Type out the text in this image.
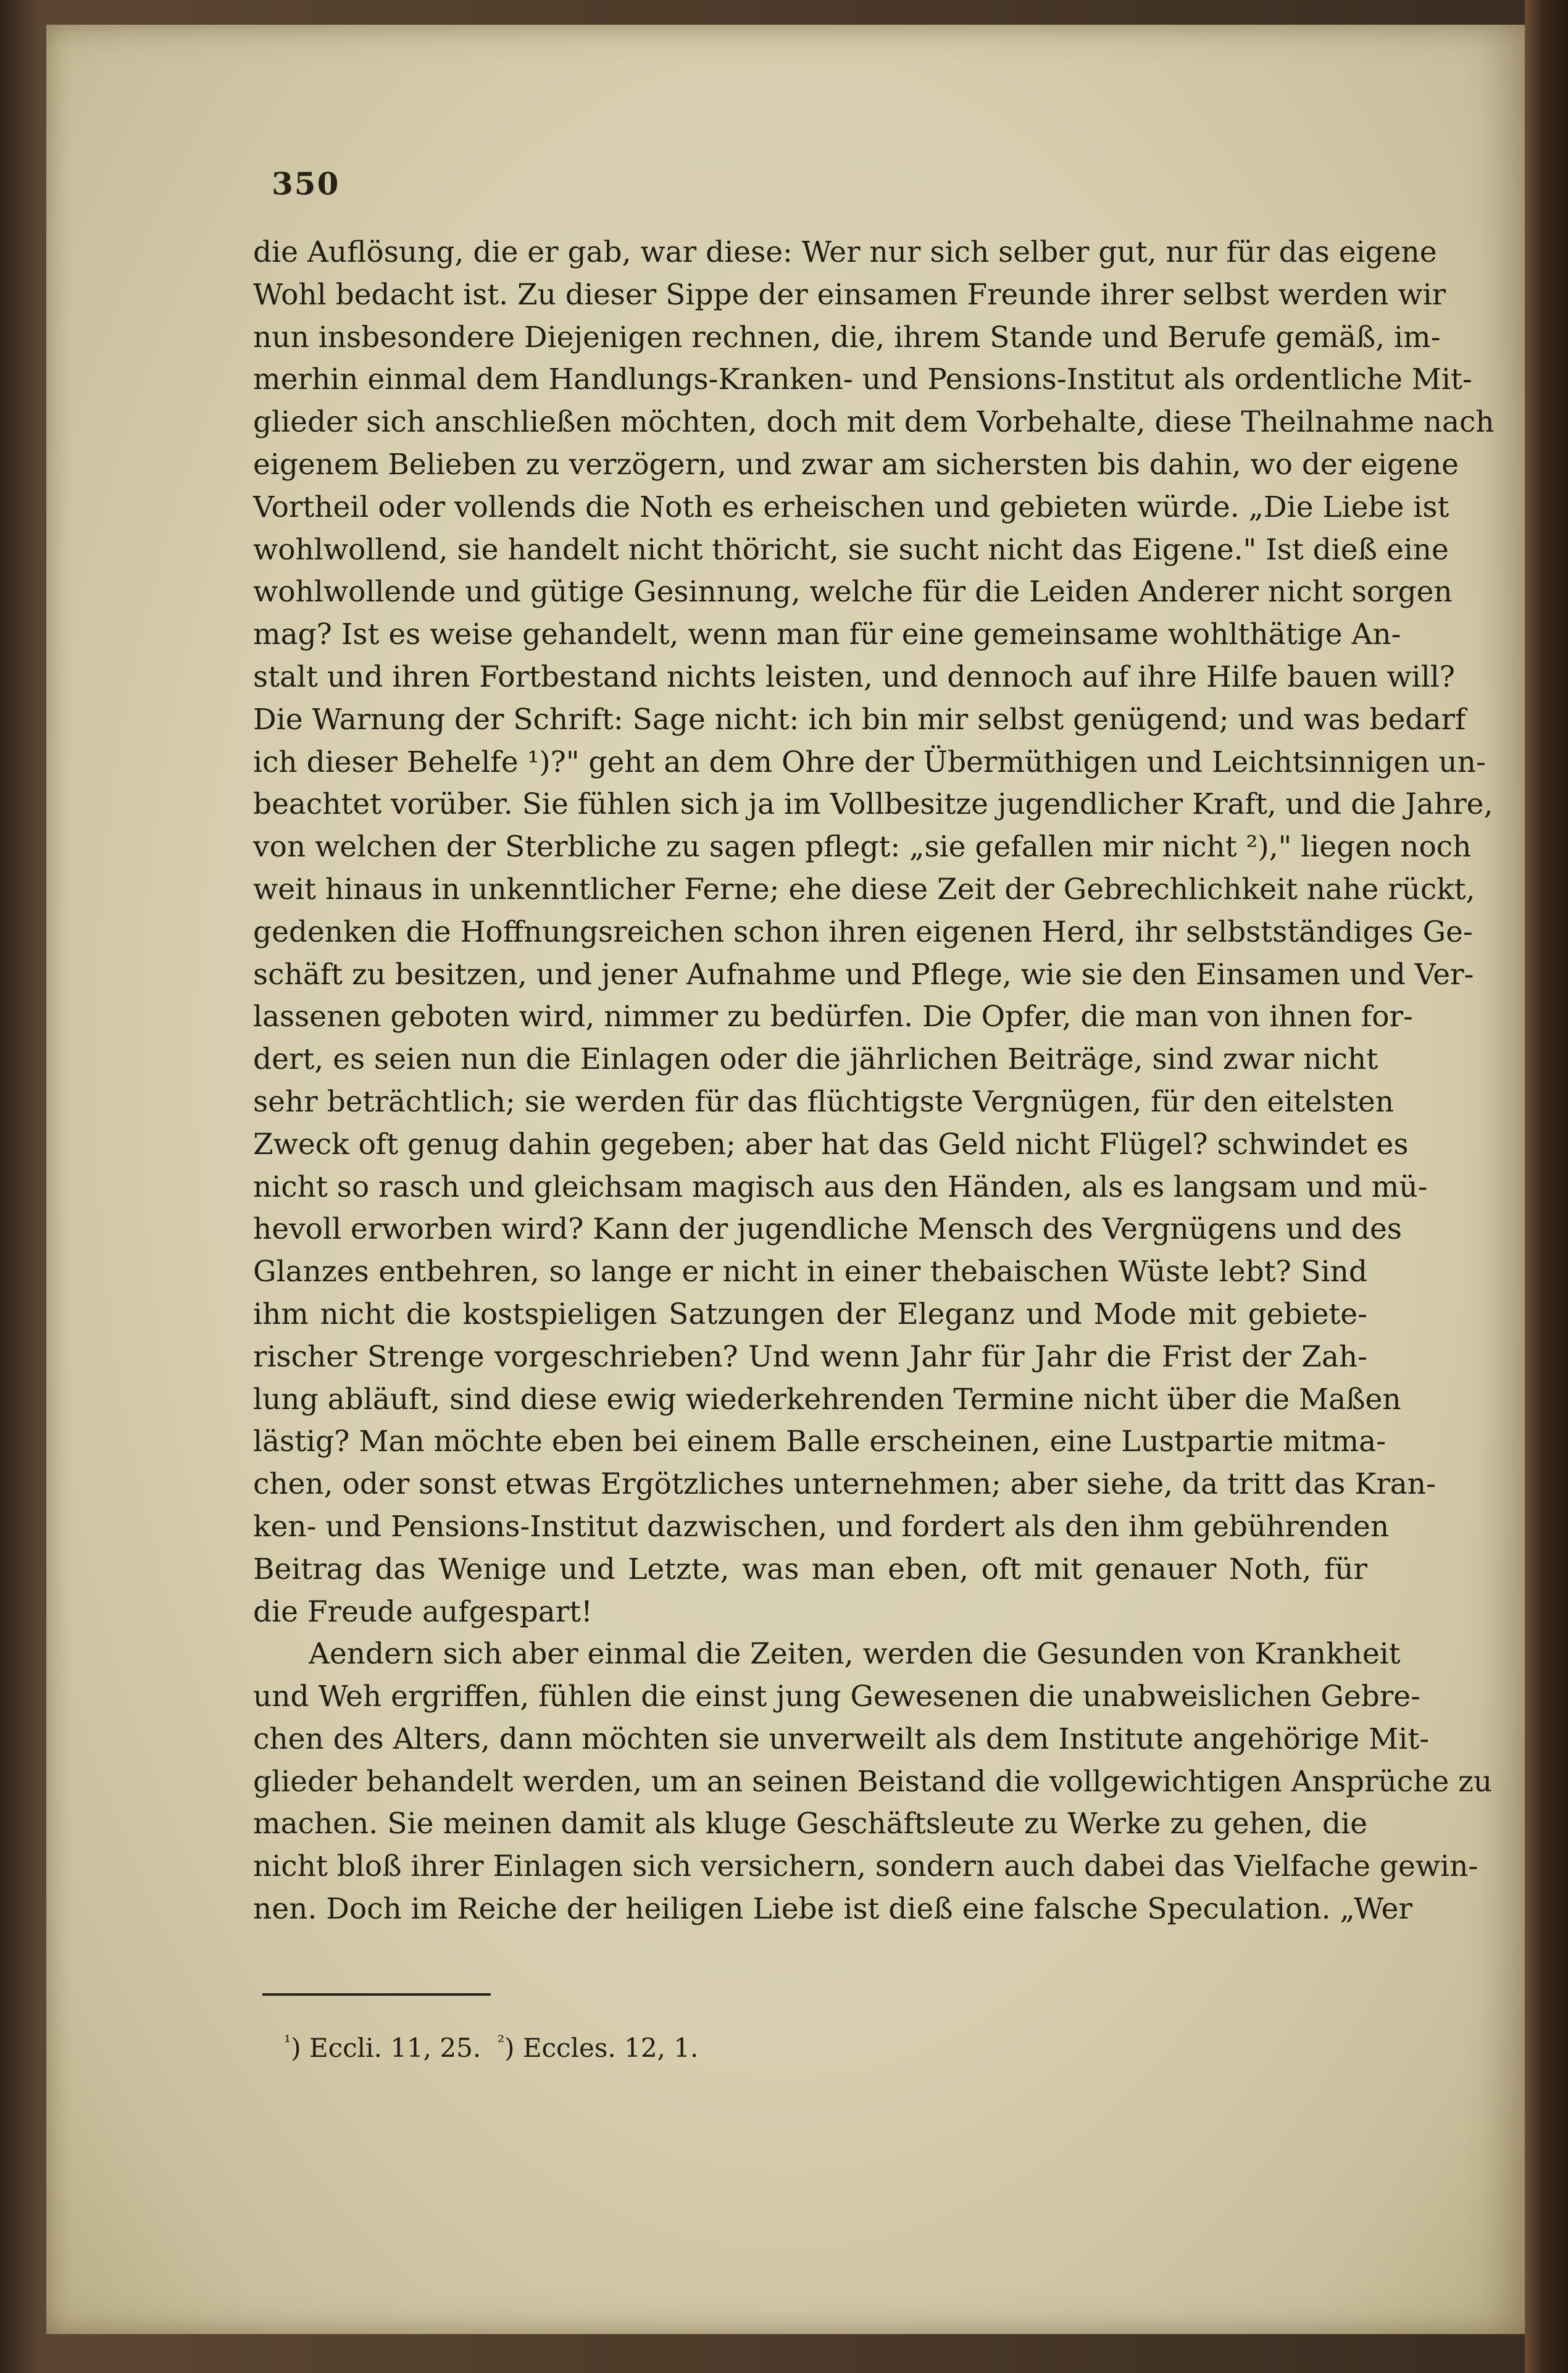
350
die Auflösung, die er gab, war diese: Wer nur sich selber gut, nur für das eigene
Wohl bedacht ist. Zu dieser Sippe der einsamen Freunde ihrer selbst werden wir
nun insbesondere Diejenigen rechnen, die, ihrem Stande und Berufe gemäß, im-
merhin einmal dem Handlungs-Kranken- und Pensions-Institut als ordentliche Mit-
glieder sich anschließen möchten, doch mit dem Vorbehalte, diese Theilnahme nach
eigenem Belieben zu verzögern, und zwar am sichersten bis dahin, wo der eigene
Vortheil oder vollends die Noth es erheischen und gebieten würde. „Die Liebe ist
wohlwollend, sie handelt nicht thöricht, sie sucht nicht das Eigene." Ist dieß eine
wohlwollende und gütige Gesinnung, welche für die Leiden Anderer nicht sorgen
mag? Ist es weise gehandelt, wenn man für eine gemeinsame wohlthätige An-
stalt und ihren Fortbestand nichts leisten, und dennoch auf ihre Hilfe bauen will?
Die Warnung der Schrift: Sage nicht: ich bin mir selbst genügend; und was bedarf
ich dieser Behelfe ¹)?" geht an dem Ohre der Übermüthigen und Leichtsinnigen un-
beachtet vorüber. Sie fühlen sich ja im Vollbesitze jugendlicher Kraft, und die Jahre,
von welchen der Sterbliche zu sagen pflegt: „sie gefallen mir nicht ²)," liegen noch
weit hinaus in unkenntlicher Ferne; ehe diese Zeit der Gebrechlichkeit nahe rückt,
gedenken die Hoffnungsreichen schon ihren eigenen Herd, ihr selbstständiges Ge-
schäft zu besitzen, und jener Aufnahme und Pflege, wie sie den Einsamen und Ver-
lassenen geboten wird, nimmer zu bedürfen. Die Opfer, die man von ihnen for-
dert, es seien nun die Einlagen oder die jährlichen Beiträge, sind zwar nicht
sehr beträchtlich; sie werden für das flüchtigste Vergnügen, für den eitelsten
Zweck oft genug dahin gegeben; aber hat das Geld nicht Flügel? schwindet es
nicht so rasch und gleichsam magisch aus den Händen, als es langsam und mü-
hevoll erworben wird? Kann der jugendliche Mensch des Vergnügens und des
Glanzes entbehren, so lange er nicht in einer thebaischen Wüste lebt? Sind
ihm nicht die kostspieligen Satzungen der Eleganz und Mode mit gebiete-
rischer Strenge vorgeschrieben? Und wenn Jahr für Jahr die Frist der Zah-
lung abläuft, sind diese ewig wiederkehrenden Termine nicht über die Maßen
lästig? Man möchte eben bei einem Balle erscheinen, eine Lustpartie mitma-
chen, oder sonst etwas Ergötzliches unternehmen; aber siehe, da tritt das Kran-
ken- und Pensions-Institut dazwischen, und fordert als den ihm gebührenden
Beitrag das Wenige und Letzte, was man eben, oft mit genauer Noth, für
die Freude aufgespart!
Aendern sich aber einmal die Zeiten, werden die Gesunden von Krankheit
und Weh ergriffen, fühlen die einst jung Gewesenen die unabweislichen Gebre-
chen des Alters, dann möchten sie unverweilt als dem Institute angehörige Mit-
glieder behandelt werden, um an seinen Beistand die vollgewichtigen Ansprüche zu
machen. Sie meinen damit als kluge Geschäftsleute zu Werke zu gehen, die
nicht bloß ihrer Einlagen sich versichern, sondern auch dabei das Vielfache gewin-
nen. Doch im Reiche der heiligen Liebe ist dieß eine falsche Speculation. „Wer
$^{^1}$) Eccli. 11, 25. $^{^2}$) Eccles. 12, 1.
